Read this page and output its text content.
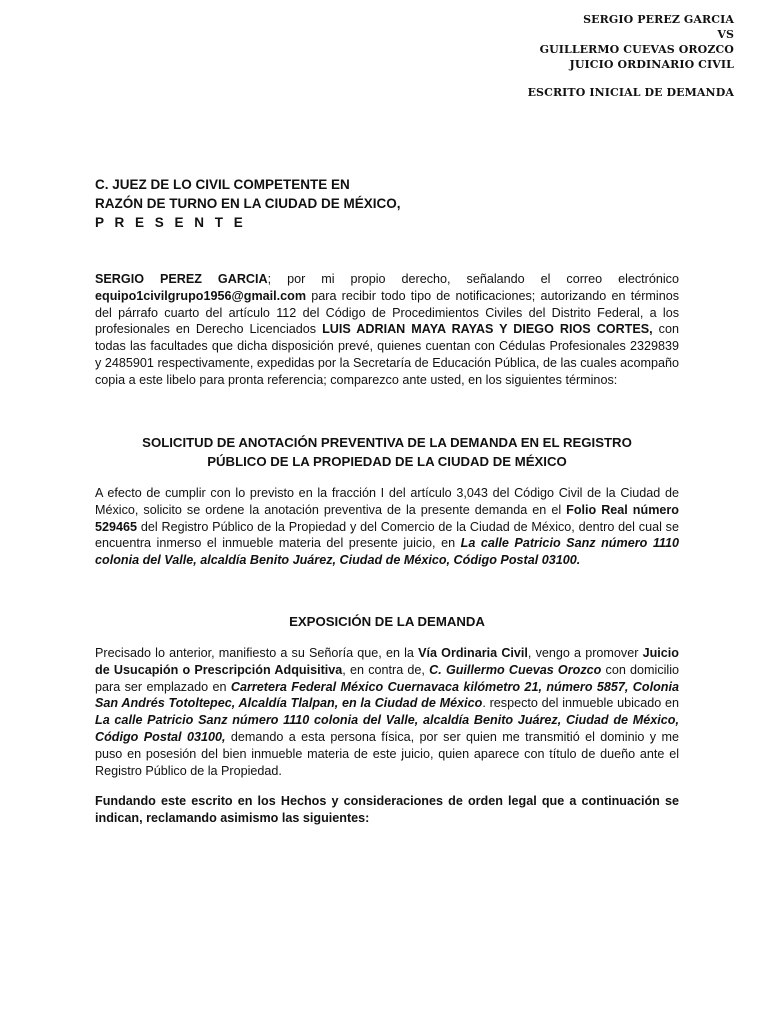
SERGIO PEREZ GARCIA
VS
GUILLERMO CUEVAS OROZCO
JUICIO ORDINARIO CIVIL
ESCRITO INICIAL DE DEMANDA
C. JUEZ DE LO CIVIL COMPETENTE EN
RAZÓN DE TURNO EN LA CIUDAD DE MÉXICO,
P R E S E N T E
SERGIO PEREZ GARCIA; por mi propio derecho, señalando el correo electrónico equipo1civilgrupo1956@gmail.com para recibir todo tipo de notificaciones; autorizando en términos del párrafo cuarto del artículo 112 del Código de Procedimientos Civiles del Distrito Federal, a los profesionales en Derecho Licenciados LUIS ADRIAN MAYA RAYAS Y DIEGO RIOS CORTES, con todas las facultades que dicha disposición prevé, quienes cuentan con Cédulas Profesionales 2329839 y 2485901 respectivamente, expedidas por la Secretaría de Educación Pública, de las cuales acompaño copia a este libelo para pronta referencia; comparezco ante usted, en los siguientes términos:
SOLICITUD DE ANOTACIÓN PREVENTIVA DE LA DEMANDA EN EL REGISTRO
PÚBLICO DE LA PROPIEDAD DE LA CIUDAD DE MÉXICO
A efecto de cumplir con lo previsto en la fracción I del artículo 3,043 del Código Civil de la Ciudad de México, solicito se ordene la anotación preventiva de la presente demanda en el Folio Real número 529465 del Registro Público de la Propiedad y del Comercio de la Ciudad de México, dentro del cual se encuentra inmerso el inmueble materia del presente juicio, en La calle Patricio Sanz número 1110 colonia del Valle, alcaldía Benito Juárez, Ciudad de México, Código Postal 03100.
EXPOSICIÓN DE LA DEMANDA
Precisado lo anterior, manifiesto a su Señoría que, en la Vía Ordinaria Civil, vengo a promover Juicio de Usucapión o Prescripción Adquisitiva, en contra de, C. Guillermo Cuevas Orozco con domicilio para ser emplazado en Carretera Federal México Cuernavaca kilómetro 21, número 5857, Colonia San Andrés Totoltepec, Alcaldía Tlalpan, en la Ciudad de México. respecto del inmueble ubicado en La calle Patricio Sanz número 1110 colonia del Valle, alcaldía Benito Juárez, Ciudad de México, Código Postal 03100, demando a esta persona física, por ser quien me transmitió el dominio y me puso en posesión del bien inmueble materia de este juicio, quien aparece con título de dueño ante el Registro Público de la Propiedad.
Fundando este escrito en los Hechos y consideraciones de orden legal que a continuación se indican, reclamando asimismo las siguientes:
